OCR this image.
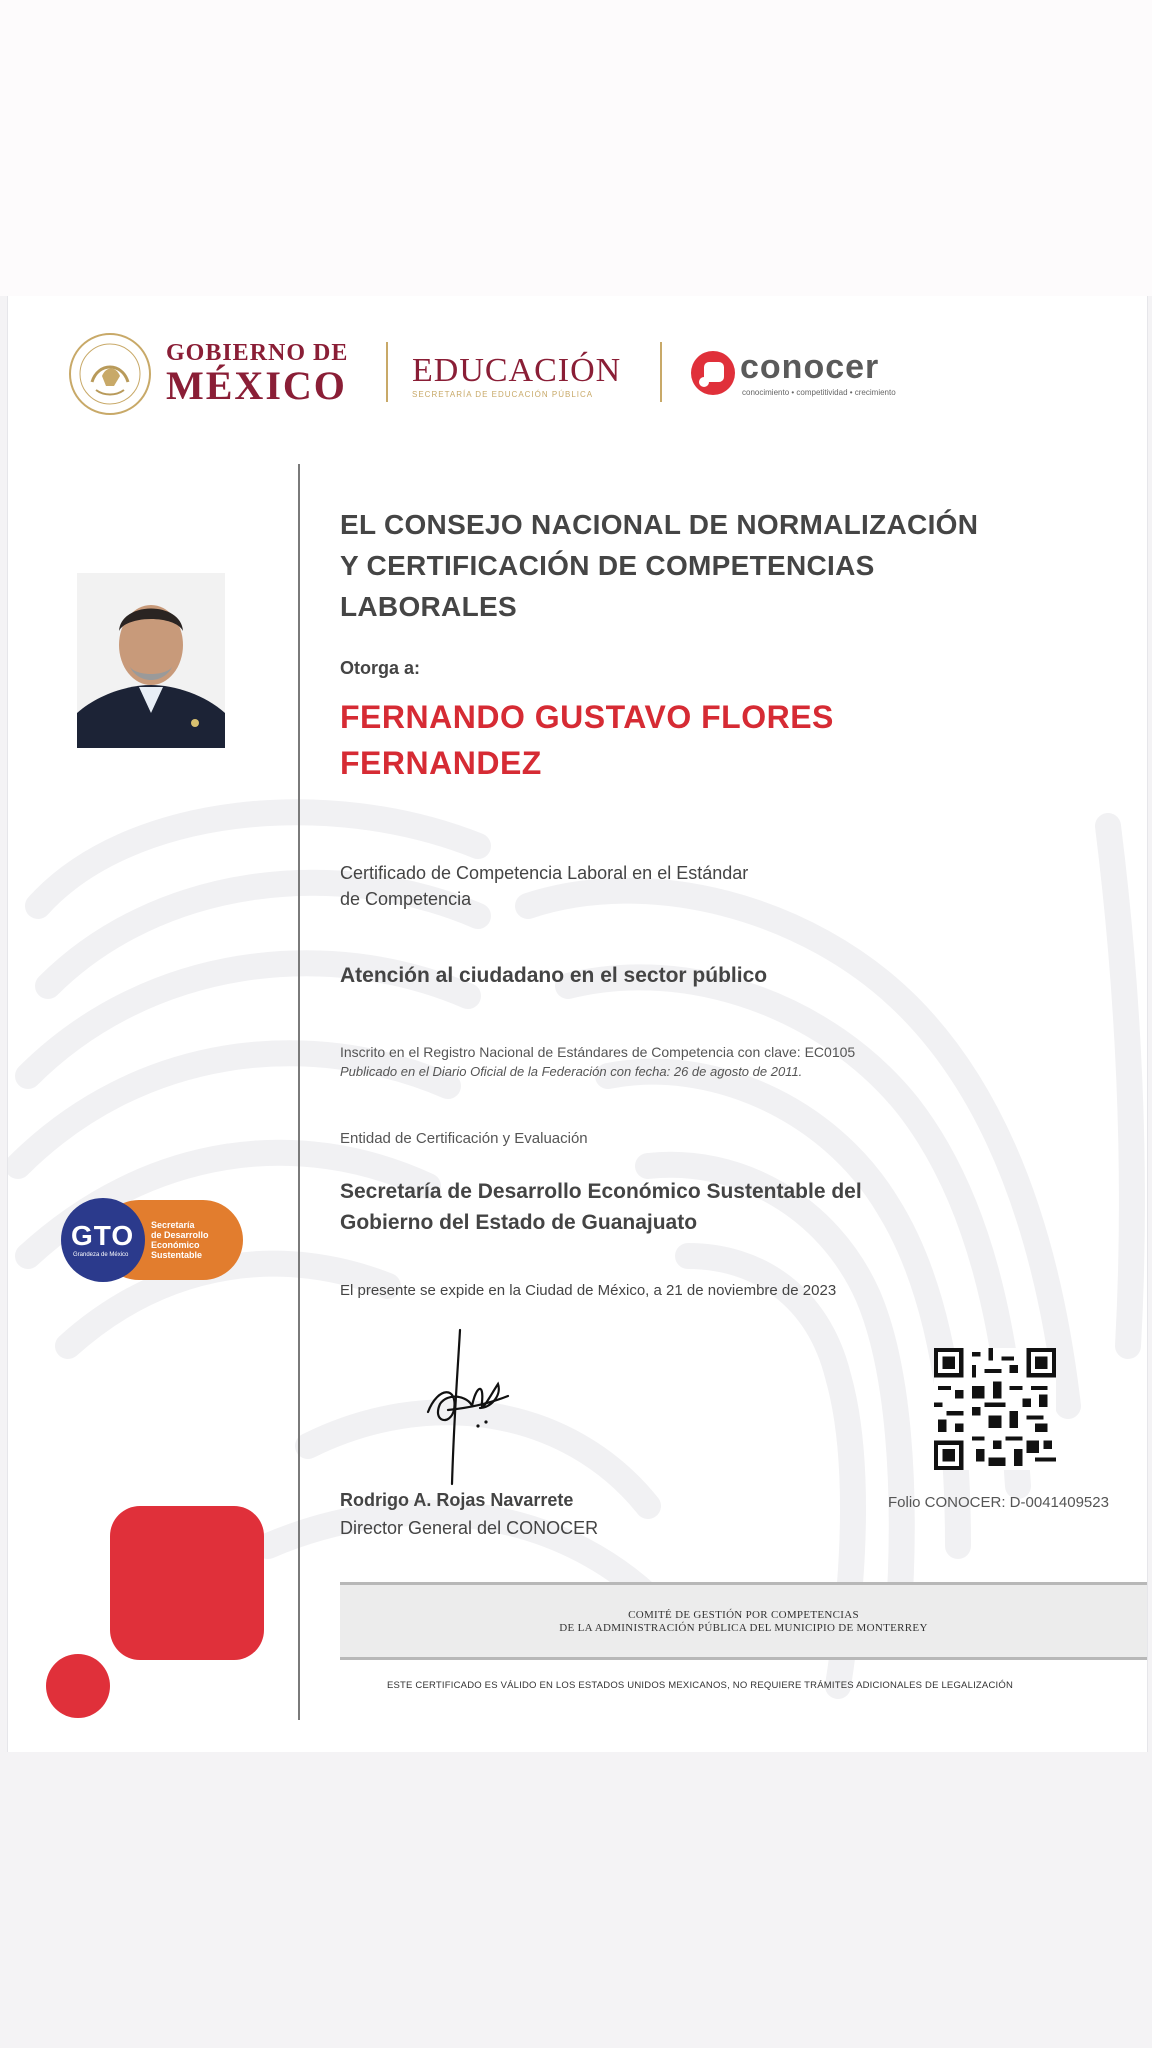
GOBIERNO DE
MÉXICO EDUCACIÓN
SECRETARÍA DE EDUCACIÓN PÚBLICA
conocer
conocimiento • competitividad • crecimiento
GTO
Grandeza de México
Secretaría
de Desarrollo
Económico
Sustentable
EL CONSEJO NACIONAL DE NORMALIZACIÓN Y CERTIFICACIÓN DE COMPETENCIAS LABORALES
Otorga a:
FERNANDO GUSTAVO FLORES
FERNANDEZ
Certificado de Competencia Laboral en el Estándar
de Competencia
Atención al ciudadano en el sector público
Inscrito en el Registro Nacional de Estándares de Competencia con clave: EC0105
Publicado en el Diario Oficial de la Federación con fecha: 26 de agosto de 2011.
Entidad de Certificación y Evaluación
Secretaría de Desarrollo Económico Sustentable del
Gobierno del Estado de Guanajuato
El presente se expide en la Ciudad de México, a 21 de noviembre de 2023
Rodrigo A. Rojas Navarrete
Director General del CONOCER
Folio CONOCER: D-0041409523
COMITÉ DE GESTIÓN POR COMPETENCIAS
DE LA ADMINISTRACIÓN PÚBLICA DEL MUNICIPIO DE MONTERREY
ESTE CERTIFICADO ES VÁLIDO EN LOS ESTADOS UNIDOS MEXICANOS, NO REQUIERE TRÁMITES ADICIONALES DE LEGALIZACIÓN
